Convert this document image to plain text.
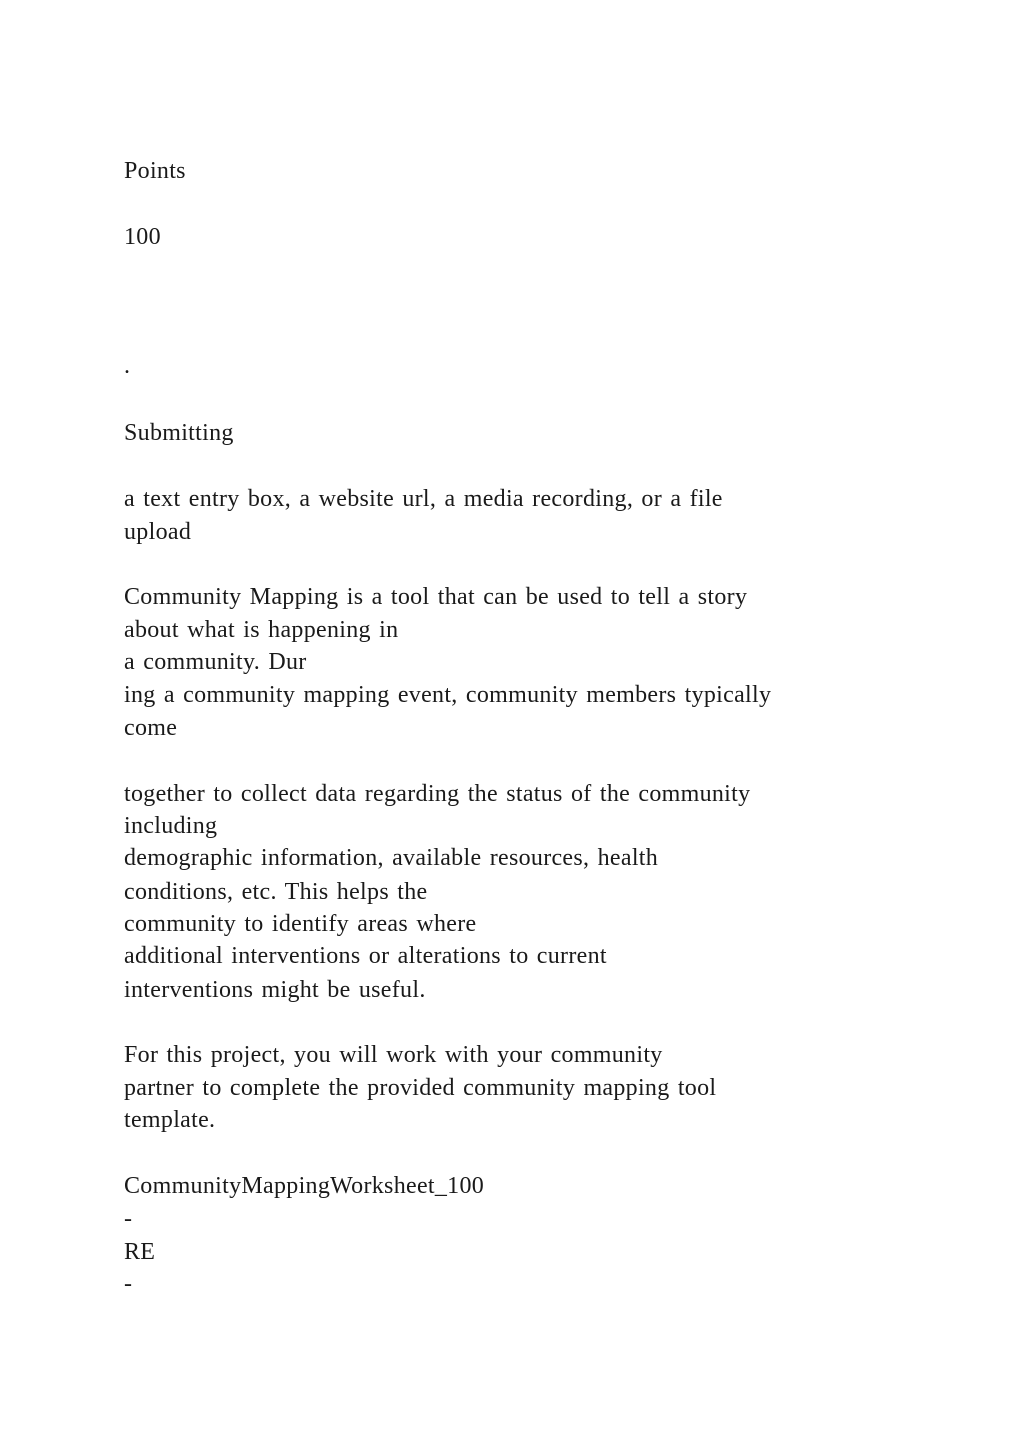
Points
100
.
Submitting
a text entry box, a website url, a media recording, or a file
upload
Community Mapping is a tool that can be used to tell a story
about what is happening in
a community. Dur
ing a community mapping event, community members typically
come
together to collect data regarding the status of the community
including
demographic information, available resources, health
conditions, etc. This helps the
community to identify areas where
additional interventions or alterations to current
interventions might be useful.
For this project, you will work with your community
partner to complete the provided community mapping tool
template.
CommunityMappingWorksheet_100
-
RE
-
